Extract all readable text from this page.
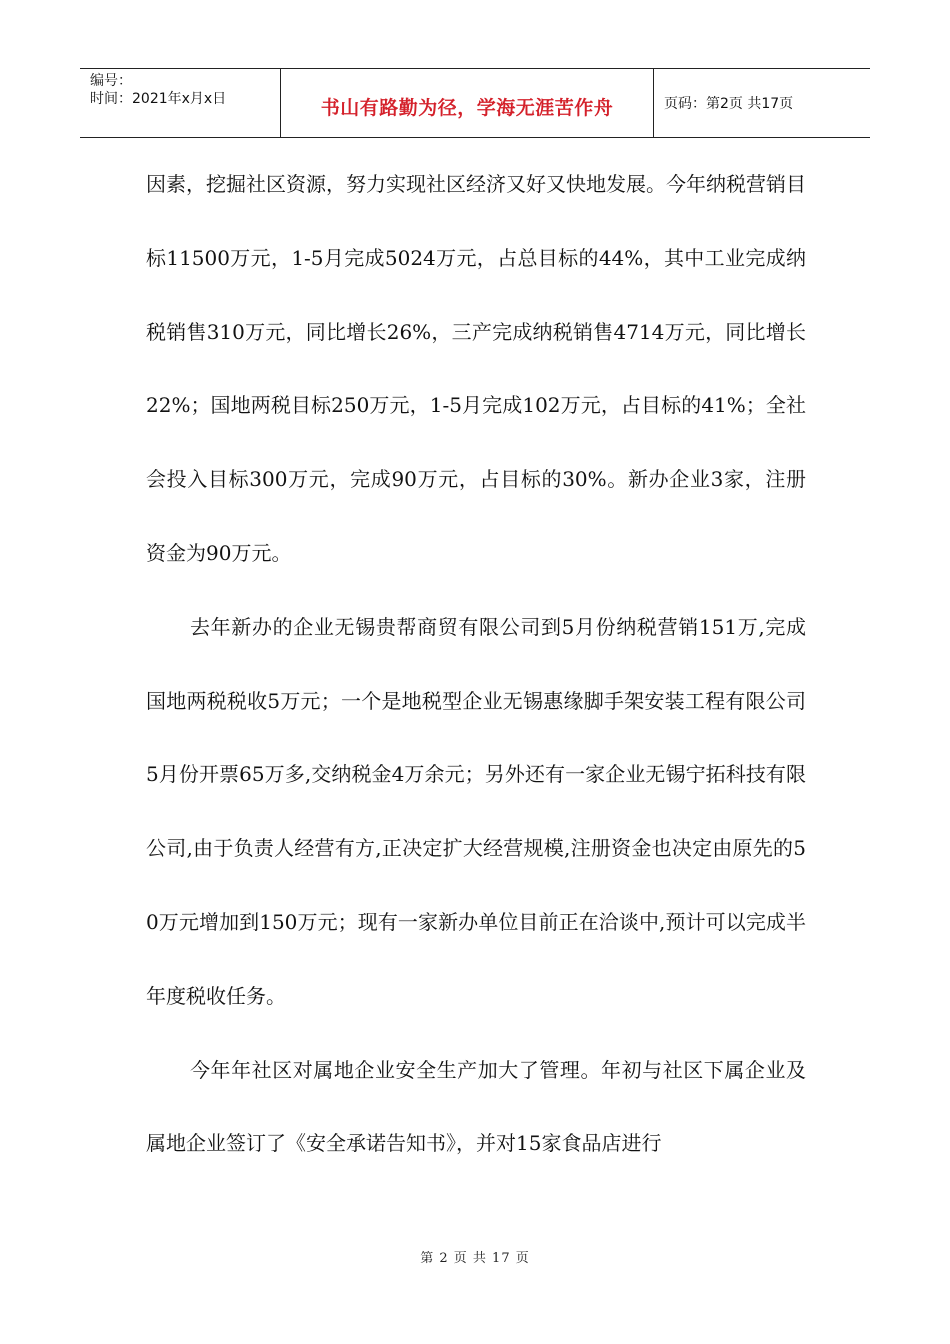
编号：
时间：2021年x月x日	书山有路勤为径，学海无涯苦作舟	页码：第2页 共17页

因素，挖掘社区资源，努力实现社区经济又好又快地发展。今年纳税营销目标11500万元，1-5月完成5024万元，占总目标的44%，其中工业完成纳税销售310万元，同比增长26%，三产完成纳税销售4714万元，同比增长22%；国地两税目标250万元，1-5月完成102万元，占目标的41%；全社会投入目标300万元，完成90万元，占目标的30%。新办企业3家，注册资金为90万元。

去年新办的企业无锡贵帮商贸有限公司到5月份纳税营销151万,完成国地两税税收5万元；一个是地税型企业无锡惠缘脚手架安装工程有限公司5月份开票65万多,交纳税金4万余元；另外还有一家企业无锡宁拓科技有限公司,由于负责人经营有方,正决定扩大经营规模,注册资金也决定由原先的50万元增加到150万元；现有一家新办单位目前正在洽谈中,预计可以完成半年度税收任务。

今年年社区对属地企业安全生产加大了管理。年初与社区下属企业及属地企业签订了《安全承诺告知书》，并对15家食品店进行

第 2 页 共 17 页
